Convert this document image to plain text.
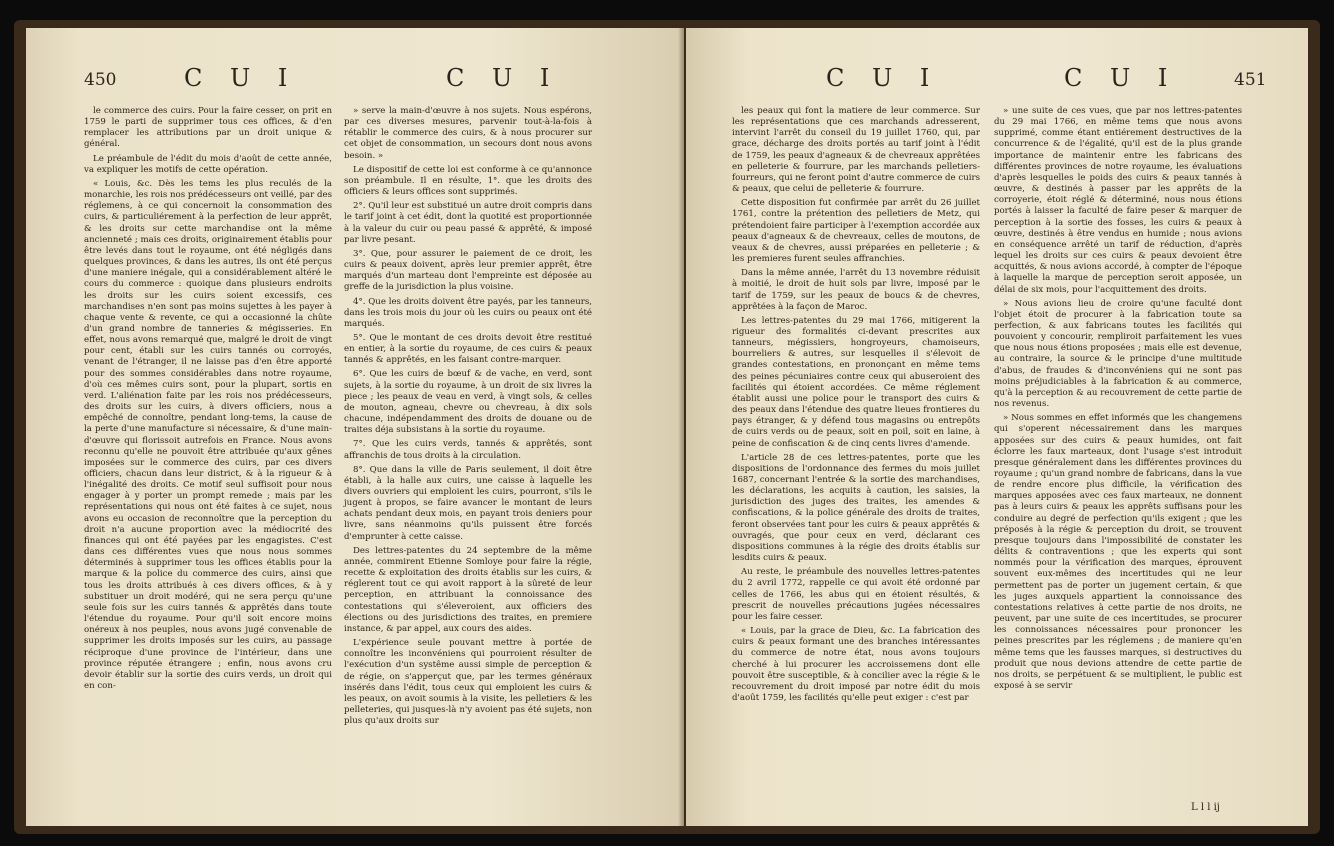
450	C U I	C U I

le commerce des cuirs. Pour la faire cesser, on prit en 1759 le parti de supprimer tous ces offices, & d'en remplacer les attributions par un droit unique & général.

Le préambule de l'édit du mois d'août de cette année, va expliquer les motifs de cette opération.

« Louis, &c. Dès les tems les plus reculés de la monarchie, les rois nos prédécesseurs ont veillé, par des réglemens, à ce qui concernoit la consommation des cuirs, & particuliérement à la perfection de leur apprêt, & les droits sur cette marchandise ont la même ancienneté ; mais ces droits, originairement établis pour être levés dans tout le royaume, ont été négligés dans quelques provinces, & dans les autres, ils ont été perçus d'une maniere inégale, qui a considérablement altéré le cours du commerce : quoique dans plusieurs endroits les droits sur les cuirs soient excessifs, ces marchandises n'en sont pas moins sujettes à les payer à chaque vente & revente, ce qui a occasionné la chûte d'un grand nombre de tanneries & mégisseries. En effet, nous avons remarqué que, malgré le droit de vingt pour cent, établi sur les cuirs tannés ou corroyés, venant de l'étranger, il ne laisse pas d'en être apporté pour des sommes considérables dans notre royaume, d'où ces mêmes cuirs sont, pour la plupart, sortis en verd. L'aliénation faite par les rois nos prédécesseurs, des droits sur les cuirs, à divers officiers, nous a empêché de connoître, pendant long-tems, la cause de la perte d'une manufacture si nécessaire, & d'une main-d'œuvre qui florissoit autrefois en France. Nous avons reconnu qu'elle ne pouvoit être attribuée qu'aux gênes imposées sur le commerce des cuirs, par ces divers officiers, chacun dans leur district, & à la rigueur & à l'inégalité des droits. Ce motif seul suffisoit pour nous engager à y porter un prompt remede ; mais par les représentations qui nous ont été faites à ce sujet, nous avons eu occasion de reconnoître que la perception du droit n'a aucune proportion avec la médiocrité des finances qui ont été payées par les engagistes. C'est dans ces différentes vues que nous nous sommes déterminés à supprimer tous les offices établis pour la marque & la police du commerce des cuirs, ainsi que tous les droits attribués à ces divers offices, & à y substituer un droit modéré, qui ne sera perçu qu'une seule fois sur les cuirs tannés & apprêtés dans toute l'étendue du royaume. Pour qu'il soit encore moins onéreux à nos peuples, nous avons jugé convenable de supprimer les droits imposés sur les cuirs, au passage réciproque d'une province de l'intérieur, dans une province réputée étrangere ; enfin, nous avons cru devoir établir sur la sortie des cuirs verds, un droit qui en con-

» serve la main-d'œuvre à nos sujets. Nous espérons, par ces diverses mesures, parvenir tout-à-la-fois à rétablir le commerce des cuirs, & à nous procurer sur cet objet de consommation, un secours dont nous avons besoin. »

Le dispositif de cette loi est conforme à ce qu'annonce son préambule. Il en résulte, 1°. que les droits des officiers & leurs offices sont supprimés.

2°. Qu'il leur est substitué un autre droit compris dans le tarif joint à cet édit, dont la quotité est proportionnée à la valeur du cuir ou peau passé & apprêté, & imposé par livre pesant.

3°. Que, pour assurer le paiement de ce droit, les cuirs & peaux doivent, après leur premier apprêt, être marqués d'un marteau dont l'empreinte est déposée au greffe de la jurisdiction la plus voisine.

4°. Que les droits doivent être payés, par les tanneurs, dans les trois mois du jour où les cuirs ou peaux ont été marqués.

5°. Que le montant de ces droits devoit être restitué en entier, à la sortie du royaume, de ces cuirs & peaux tannés & apprêtés, en les faisant contre-marquer.

6°. Que les cuirs de bœuf & de vache, en verd, sont sujets, à la sortie du royaume, à un droit de six livres la piece ; les peaux de veau en verd, à vingt sols, & celles de mouton, agneau, chevre ou chevreau, à dix sols chacune, indépendamment des droits de douane ou de traites déja subsistans à la sortie du royaume.

7°. Que les cuirs verds, tannés & apprêtés, sont affranchis de tous droits à la circulation.

8°. Que dans la ville de Paris seulement, il doit être établi, à la halle aux cuirs, une caisse à laquelle les divers ouvriers qui emploient les cuirs, pourront, s'ils le jugent à propos, se faire avancer le montant de leurs achats pendant deux mois, en payant trois deniers pour livre, sans néanmoins qu'ils puissent être forcés d'emprunter à cette caisse.

Des lettres-patentes du 24 septembre de la même année, commirent Etienne Somloye pour faire la régie, recette & exploitation des droits établis sur les cuirs, & réglerent tout ce qui avoit rapport à la sûreté de leur perception, en attribuant la connoissance des contestations qui s'éleveroient, aux officiers des élections ou des jurisdictions des traites, en premiere instance, & par appel, aux cours des aides.

L'expérience seule pouvant mettre à portée de connoître les inconvéniens qui pourroient résulter de l'exécution d'un systême aussi simple de perception & de régie, on s'apperçut que, par les termes généraux insérés dans l'édit, tous ceux qui emploient les cuirs & les peaux, on avoit soumis à la visite, les pelletiers & les pelleteries, qui jusques-là n'y avoient pas été sujets, non plus qu'aux droits sur

C U I	C U I	451

les peaux qui font la matiere de leur commerce. Sur les représentations que ces marchands adresserent, intervint l'arrêt du conseil du 19 juillet 1760, qui, par grace, décharge des droits portés au tarif joint à l'édit de 1759, les peaux d'agneaux & de chevreaux apprêtées en pelleterie & fourrure, par les marchands pelletiers-fourreurs, qui ne feront point d'autre commerce de cuirs & peaux, que celui de pelleterie & fourrure.

Cette disposition fut confirmée par arrêt du 26 juillet 1761, contre la prétention des pelletiers de Metz, qui prétendoient faire participer à l'exemption accordée aux peaux d'agneaux & de chevreaux, celles de moutons, de veaux & de chevres, aussi préparées en pelleterie ; & les premieres furent seules affranchies.

Dans la même année, l'arrêt du 13 novembre réduisit à moitié, le droit de huit sols par livre, imposé par le tarif de 1759, sur les peaux de boucs & de chevres, apprêtées à la façon de Maroc.

Les lettres-patentes du 29 mai 1766, mitigerent la rigueur des formalités ci-devant prescrites aux tanneurs, mégissiers, hongroyeurs, chamoiseurs, bourreliers & autres, sur lesquelles il s'élevoit de grandes contestations, en prononçant en même tems des peines pécuniaires contre ceux qui abuseroient des facilités qui étoient accordées. Ce même réglement établit aussi une police pour le transport des cuirs & des peaux dans l'étendue des quatre lieues frontieres du pays étranger, & y défend tous magasins ou entrepôts de cuirs verds ou de peaux, soit en poil, soit en laine, à peine de confiscation & de cinq cents livres d'amende.

L'article 28 de ces lettres-patentes, porte que les dispositions de l'ordonnance des fermes du mois juillet 1687, concernant l'entrée & la sortie des marchandises, les déclarations, les acquits à caution, les saisies, la jurisdiction des juges des traites, les amendes & confiscations, & la police générale des droits de traites, feront observées tant pour les cuirs & peaux apprêtés & ouvragés, que pour ceux en verd, déclarant ces dispositions communes à la régie des droits établis sur lesdits cuirs & peaux.

Au reste, le préambule des nouvelles lettres-patentes du 2 avril 1772, rappelle ce qui avoit été ordonné par celles de 1766, les abus qui en étoient résultés, & prescrit de nouvelles précautions jugées nécessaires pour les faire cesser.

« Louis, par la grace de Dieu, &c. La fabrication des cuirs & peaux formant une des branches intéressantes du commerce de notre état, nous avons toujours cherché à lui procurer les accroissemens dont elle pouvoit être susceptible, & à concilier avec la régie & le recouvrement du droit imposé par notre édit du mois d'août 1759, les facilités qu'elle peut exiger : c'est par

» une suite de ces vues, que par nos lettres-patentes du 29 mai 1766, en même tems que nous avons supprimé, comme étant entiérement destructives de la concurrence & de l'égalité, qu'il est de la plus grande importance de maintenir entre les fabricans des différentes provinces de notre royaume, les évaluations d'après lesquelles le poids des cuirs & peaux tannés à œuvre, & destinés à passer par les apprêts de la corroyerie, étoit réglé & déterminé, nous nous étions portés à laisser la faculté de faire peser & marquer de perception à la sortie des fosses, les cuirs & peaux à œuvre, destinés à être vendus en humide ; nous avions en conséquence arrêté un tarif de réduction, d'après lequel les droits sur ces cuirs & peaux devoient être acquittés, & nous avions accordé, à compter de l'époque à laquelle la marque de perception seroit apposée, un délai de six mois, pour l'acquittement des droits.

» Nous avions lieu de croire qu'une faculté dont l'objet étoit de procurer à la fabrication toute sa perfection, & aux fabricans toutes les facilités qui pouvoient y concourir, rempliroit parfaitement les vues que nous nous étions proposées ; mais elle est devenue, au contraire, la source & le principe d'une multitude d'abus, de fraudes & d'inconvéniens qui ne sont pas moins préjudiciables à la fabrication & au commerce, qu'à la perception & au recouvrement de cette partie de nos revenus.

» Nous sommes en effet informés que les changemens qui s'operent nécessairement dans les marques apposées sur des cuirs & peaux humides, ont fait éclorre les faux marteaux, dont l'usage s'est introduit presque généralement dans les différentes provinces du royaume ; qu'un grand nombre de fabricans, dans la vue de rendre encore plus difficile, la vérification des marques apposées avec ces faux marteaux, ne donnent pas à leurs cuirs & peaux les apprêts suffisans pour les conduire au degré de perfection qu'ils exigent ; que les préposés à la régie & perception du droit, se trouvent presque toujours dans l'impossibilité de constater les délits & contraventions ; que les experts qui sont nommés pour la vérification des marques, éprouvent souvent eux-mêmes des incertitudes qui ne leur permettent pas de porter un jugement certain, & que les juges auxquels appartient la connoissance des contestations relatives à cette partie de nos droits, ne peuvent, par une suite de ces incertitudes, se procurer les connoissances nécessaires pour prononcer les peines prescrites par les réglemens ; de maniere qu'en même tems que les fausses marques, si destructives du produit que nous devions attendre de cette partie de nos droits, se perpétuent & se multiplient, le public est exposé à se servir

L l l ij
